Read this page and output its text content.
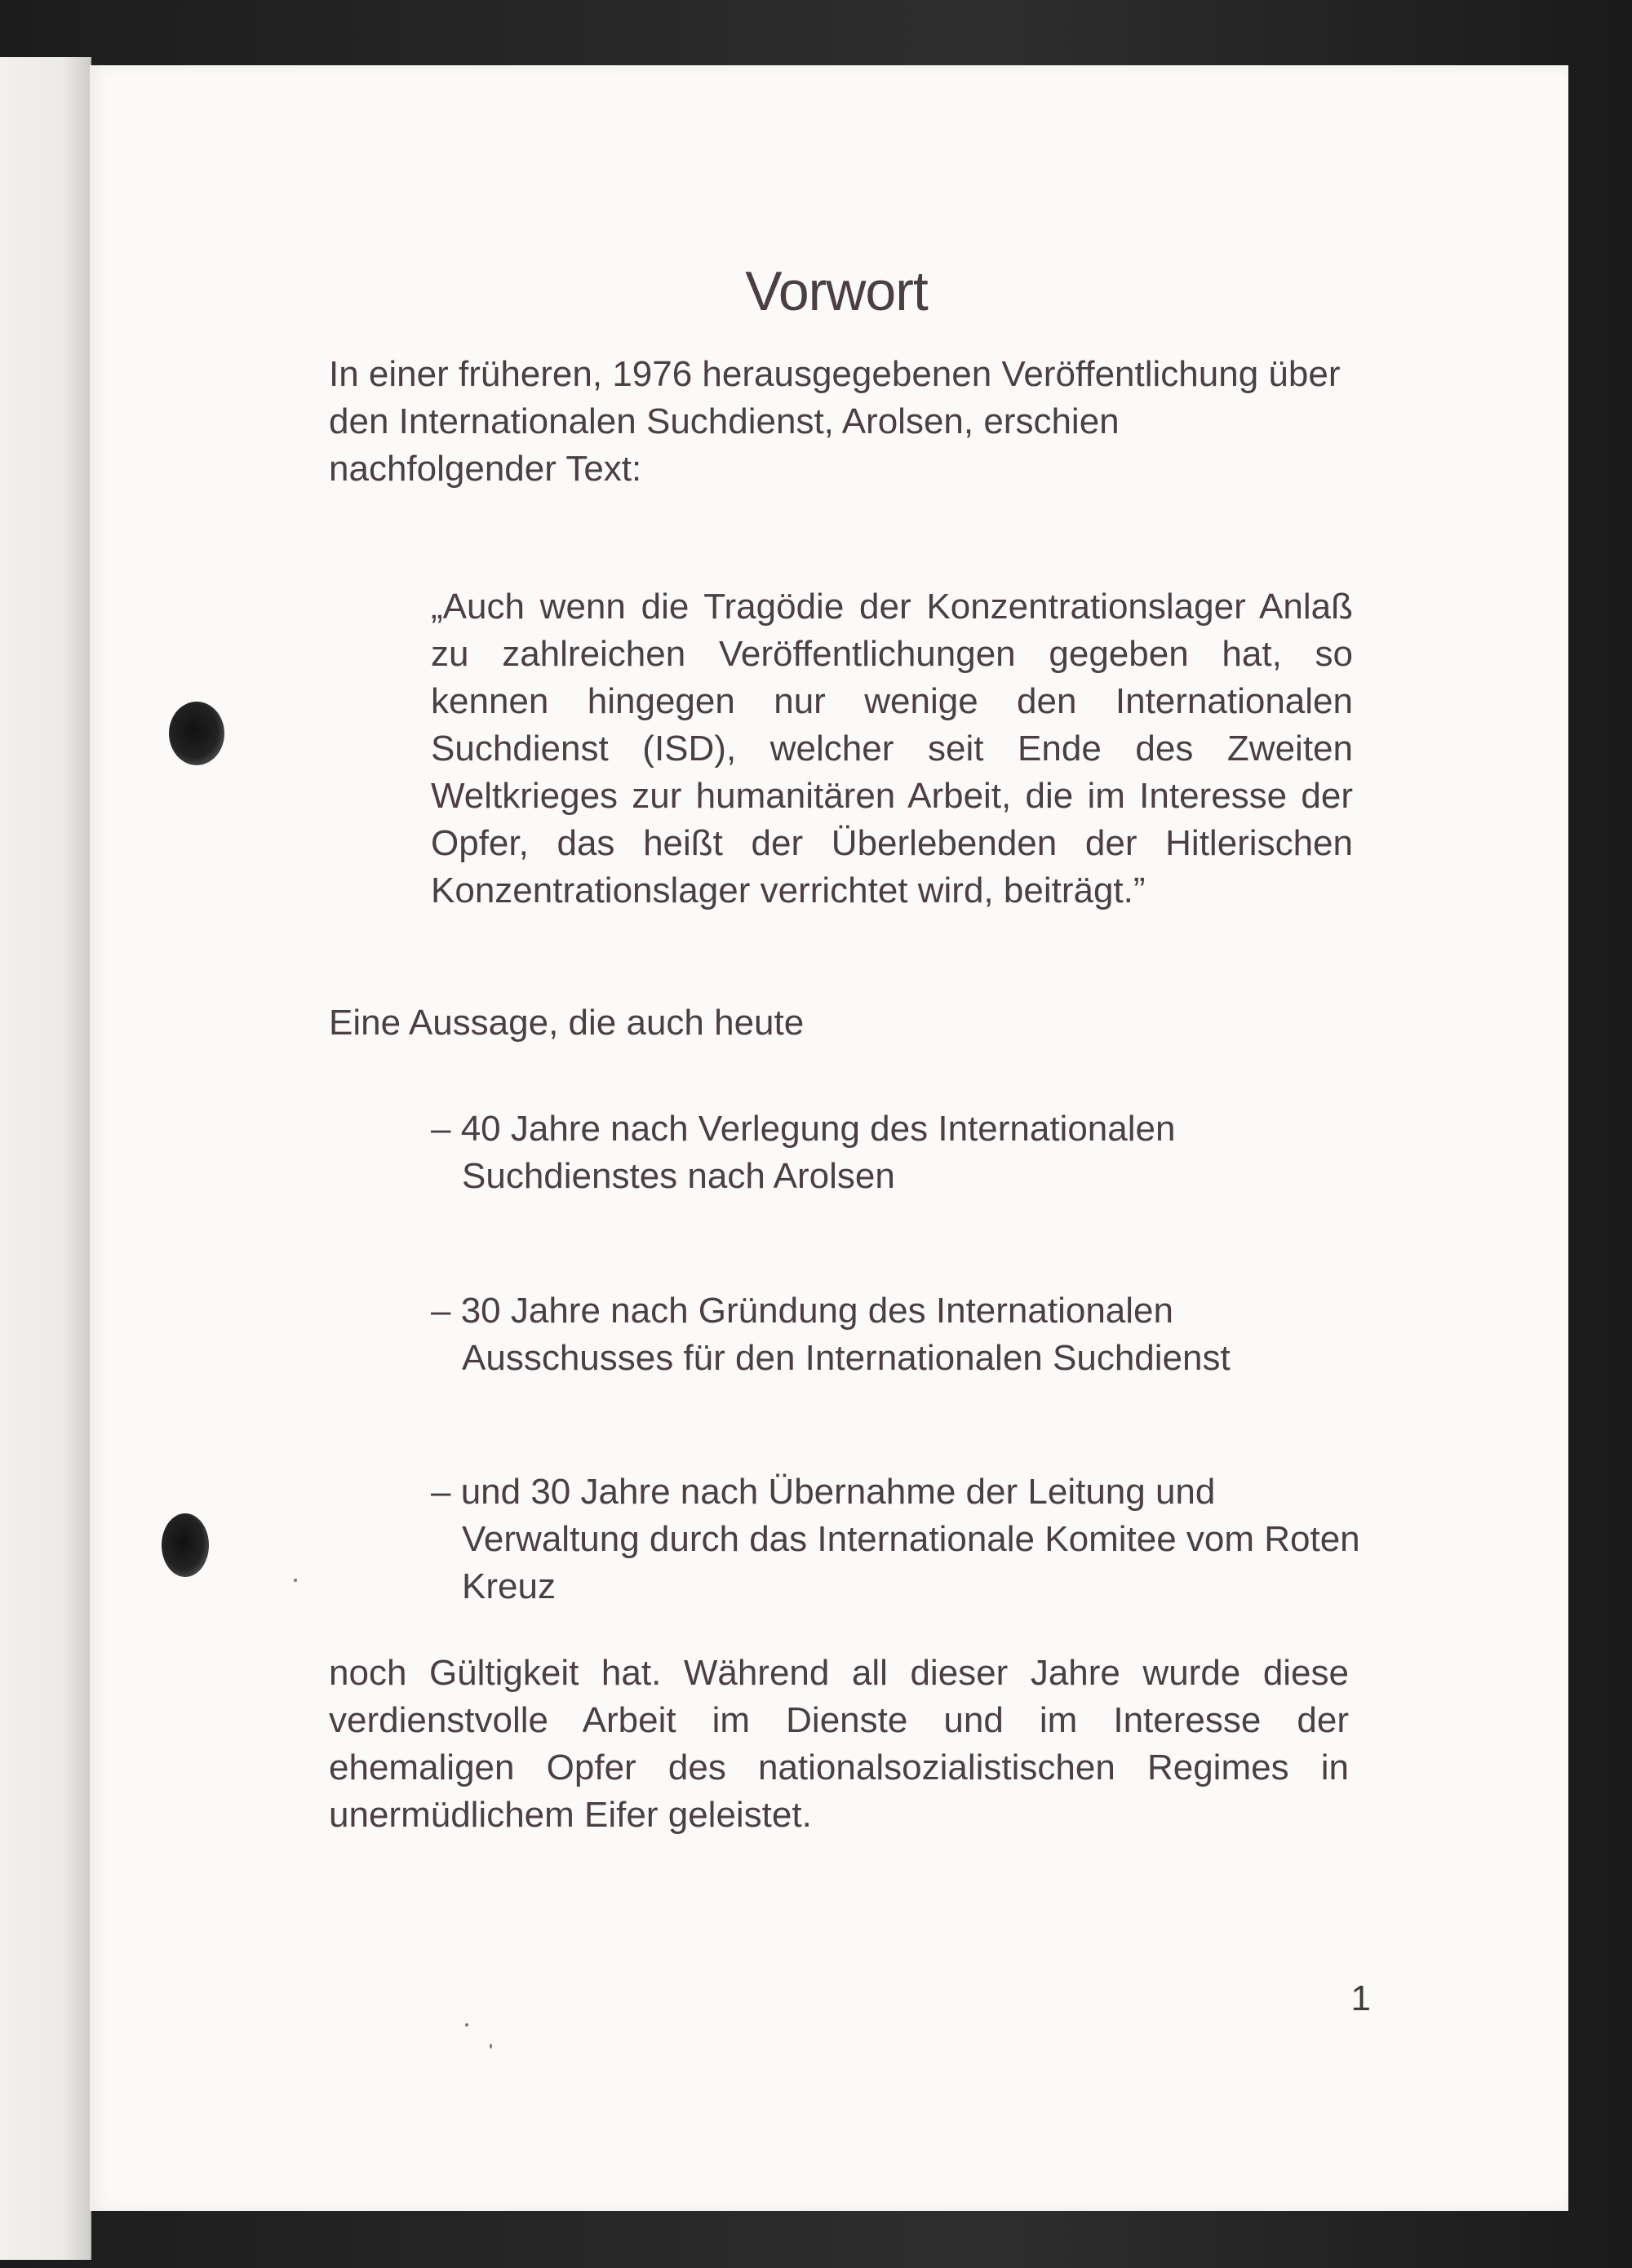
Vorwort

In einer früheren, 1976 herausgegebenen Veröffentlichung über den Internationalen Suchdienst, Arolsen, erschien nachfolgender Text:

„Auch wenn die Tragödie der Konzentrationslager Anlaß zu zahlreichen Veröffentlichungen gegeben hat, so kennen hingegen nur wenige den Internationalen Suchdienst (ISD), welcher seit Ende des Zweiten Weltkrieges zur humanitären Arbeit, die im Interesse der Opfer, das heißt der Überlebenden der Hitlerischen Konzentrationslager verrichtet wird, beiträgt.”

Eine Aussage, die auch heute

– 40 Jahre nach Verlegung des Internationalen Suchdienstes nach Arolsen

– 30 Jahre nach Gründung des Internationalen Ausschusses für den Internationalen Suchdienst

– und 30 Jahre nach Übernahme der Leitung und Verwaltung durch das Internationale Komitee vom Roten Kreuz

noch Gültigkeit hat. Während all dieser Jahre wurde diese verdienstvolle Arbeit im Dienste und im Interesse der ehemaligen Opfer des nationalsozialistischen Regimes in unermüdlichem Eifer geleistet.

1
